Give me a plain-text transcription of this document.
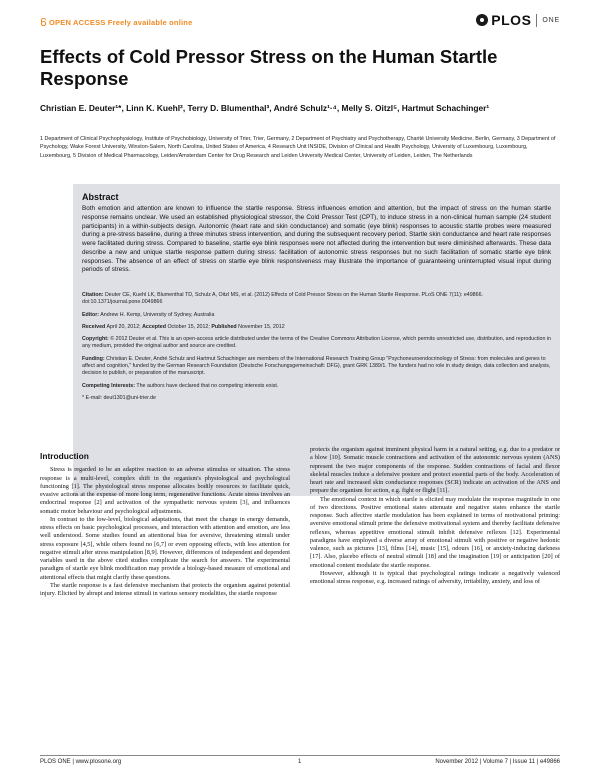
OPEN ACCESS Freely available online	PLOS ONE
Effects of Cold Pressor Stress on the Human Startle Response
Christian E. Deuter¹*, Linn K. Kuehl², Terry D. Blumenthal³, André Schulz¹·⁴, Melly S. Oitzl⁵, Hartmut Schachinger¹
1 Department of Clinical Psychophysiology, Institute of Psychobiology, University of Trier, Trier, Germany, 2 Department of Psychiatry and Psychotherapy, Charité University Medicine, Berlin, Germany, 3 Department of Psychology, Wake Forest University, Winston-Salem, North Carolina, United States of America, 4 Research Unit INSIDE, Division of Clinical and Health Psychology, University of Luxembourg, Luxembourg, Luxembourg, 5 Division of Medical Pharmacology, Leiden/Amsterdam Center for Drug Research and Leiden University Medical Center, University of Leiden, Leiden, The Netherlands
Abstract
Both emotion and attention are known to influence the startle response. Stress influences emotion and attention, but the impact of stress on the human startle response remains unclear. We used an established physiological stressor, the Cold Pressor Test (CPT), to induce stress in a non-clinical human sample (24 student participants) in a within-subjects design. Autonomic (heart rate and skin conductance) and somatic (eye blink) responses to acoustic startle probes were measured during a pre-stress baseline, during a three minutes stress intervention, and during the subsequent recovery period. Startle skin conductance and heart rate responses were facilitated during stress. Compared to baseline, startle eye blink responses were not affected during the intervention but were diminished afterwards. These data describe a new and unique startle response pattern during stress: facilitation of autonomic stress responses but no such facilitation of somatic startle eye blink responses. The absence of an effect of stress on startle eye blink responsiveness may illustrate the importance of guaranteeing uninterrupted visual input during periods of stress.

Citation: Deuter CE, Kuehl LK, Blumenthal TD, Schulz A, Oitzl MS, et al. (2012) Effects of Cold Pressor Stress on the Human Startle Response. PLoS ONE 7(11): e49866. doi:10.1371/journal.pone.0049866

Editor: Andrew H. Kemp, University of Sydney, Australia

Received April 20, 2012; Accepted October 15, 2012; Published November 15, 2012

Copyright: © 2012 Deuter et al. This is an open-access article distributed under the terms of the Creative Commons Attribution License, which permits unrestricted use, distribution, and reproduction in any medium, provided the original author and source are credited.

Funding: Christian E. Deuter, André Schulz and Hartmut Schachinger are members of the International Research Training Group "Psychoneuroendocrinology of Stress: from molecules and genes to affect and cognition," funded by the German Research Foundation (Deutsche Forschungsgemeinschaft: DFG), grant GRK 1389/1. The funders had no role in study design, data collection and analysis, decision to publish, or preparation of the manuscript.

Competing Interests: The authors have declared that no competing interests exist.

* E-mail: deut1301@uni-trier.de

Introduction

Stress is regarded to be an adaptive reaction to an adverse stimulus or situation. The stress response is a multi-level, complex shift in the organism's physiological and psychological functioning [1]. The physiological stress response allocates bodily resources to facilitate quick, evasive actions at the expense of more long term, regenerative functions. Acute stress involves an endocrinal response [2] and activation of the sympathetic nervous system [3], and influences somatic motor behaviour and psychological adjustments.

In contrast to the low-level, biological adaptations, that meet the change in energy demands, stress effects on basic psychological processes, and interaction with attention and emotion, are less well understood. Some studies found an attentional bias for aversive, threatening stimuli under stress exposure [4,5], while others found no [6,7] or even opposing effects, with less attention for negative stimuli after stress manipulation [8,9]. However, differences of independent and dependent variables used in the above cited studies complicate the search for answers. The experimental paradigm of startle eye blink modification may provide a biology-based measure of emotional and attentional effects that might clarify these questions.

The startle response is a fast defensive mechanism that protects the organism against potential injury. Elicited by abrupt and intense stimuli in various sensory modalities, the startle response

protects the organism against imminent physical harm in a natural setting, e.g. due to a predator or a blow [10]. Somatic muscle contractions and activation of the autonomic nervous system (ANS) represent the two major components of the response. Sudden contractions of facial and flexor skeletal muscles induce a defensive posture and protect essential parts of the body. Acceleration of heart rate and increased skin conductance responses (SCR) indicate an activation of the ANS and prepare the organism for action, e.g. fight or flight [11].

The emotional context in which startle is elicited may modulate the response magnitude in one of two directions. Positive emotional states attenuate and negative states enhance the startle response. Such affective startle modulation has been explained in terms of motivational priming: aversive emotional stimuli prime the defensive motivational system and thereby facilitate defensive reflexes, whereas appetitive emotional stimuli inhibit defensive reflexes [12]. Experimental paradigms have employed a diverse array of emotional stimuli with positive or negative hedonic valence, such as pictures [13], films [14], music [15], odours [16], or anxiety-inducing darkness [17]. Also, placebo effects of neutral stimuli [18] and the imagination [19] or anticipation [20] of emotional content modulate the startle response.

However, although it is typical that psychological ratings indicate a negatively valenced emotional stress response, e.g. increased ratings of adversity, irritability, anxiety, and loss of

PLOS ONE | www.plosone.org	1	November 2012 | Volume 7 | Issue 11 | e49866
